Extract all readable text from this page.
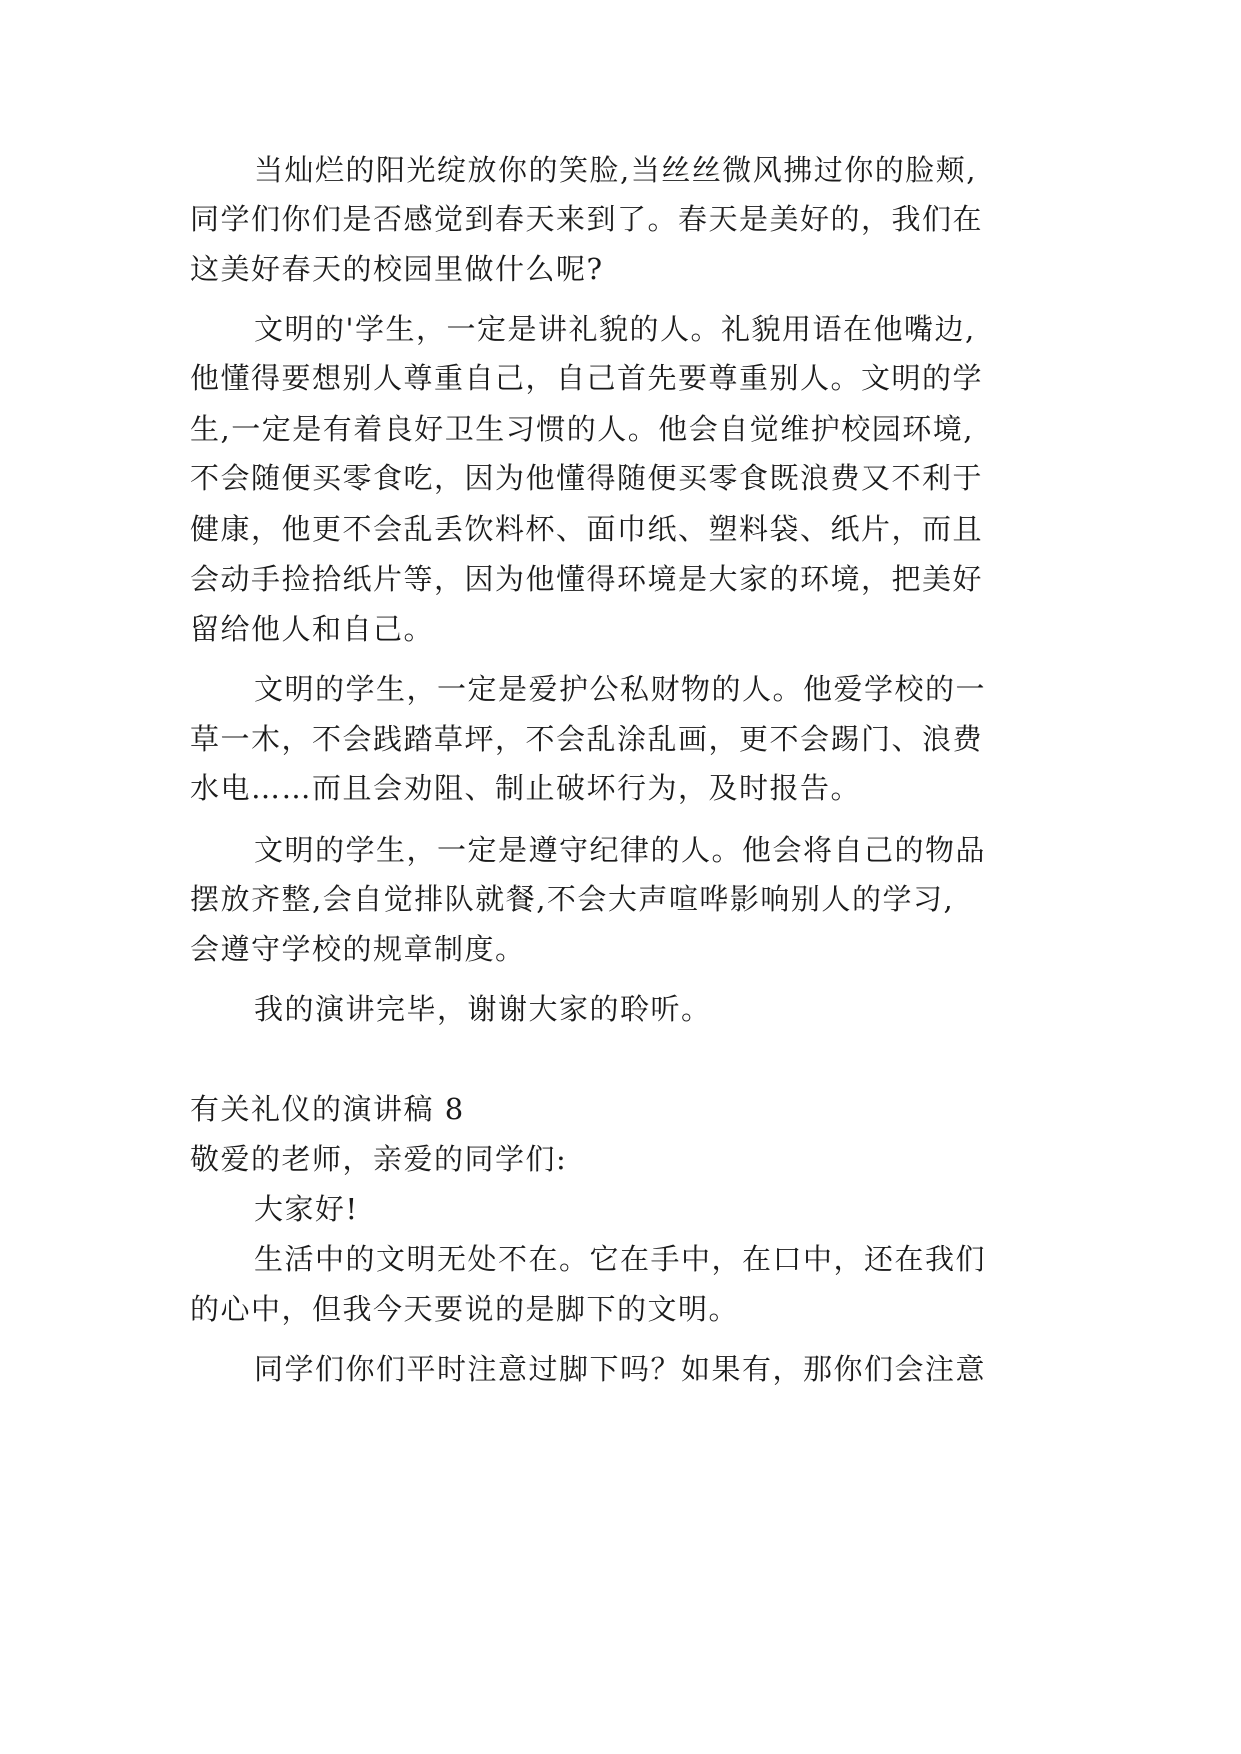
当灿烂的阳光绽放你的笑脸,当丝丝微风拂过你的脸颊,
同学们你们是否感觉到春天来到了。春天是美好的，我们在
这美好春天的校园里做什么呢?
文明的'学生，一定是讲礼貌的人。礼貌用语在他嘴边,
他懂得要想别人尊重自己，自己首先要尊重别人。文明的学
生,一定是有着良好卫生习惯的人。他会自觉维护校园环境,
不会随便买零食吃，因为他懂得随便买零食既浪费又不利于
健康，他更不会乱丢饮料杯、面巾纸、塑料袋、纸片，而且
会动手捡拾纸片等，因为他懂得环境是大家的环境，把美好
留给他人和自己。
文明的学生，一定是爱护公私财物的人。他爱学校的一
草一木，不会践踏草坪，不会乱涂乱画，更不会踢门、浪费
水电……而且会劝阻、制止破坏行为，及时报告。
文明的学生，一定是遵守纪律的人。他会将自己的物品
摆放齐整,会自觉排队就餐,不会大声喧哗影响别人的学习,
会遵守学校的规章制度。
我的演讲完毕，谢谢大家的聆听。
有关礼仪的演讲稿 8
敬爱的老师，亲爱的同学们:
大家好!
生活中的文明无处不在。它在手中，在口中，还在我们
的心中，但我今天要说的是脚下的文明。
同学们你们平时注意过脚下吗？如果有，那你们会注意
